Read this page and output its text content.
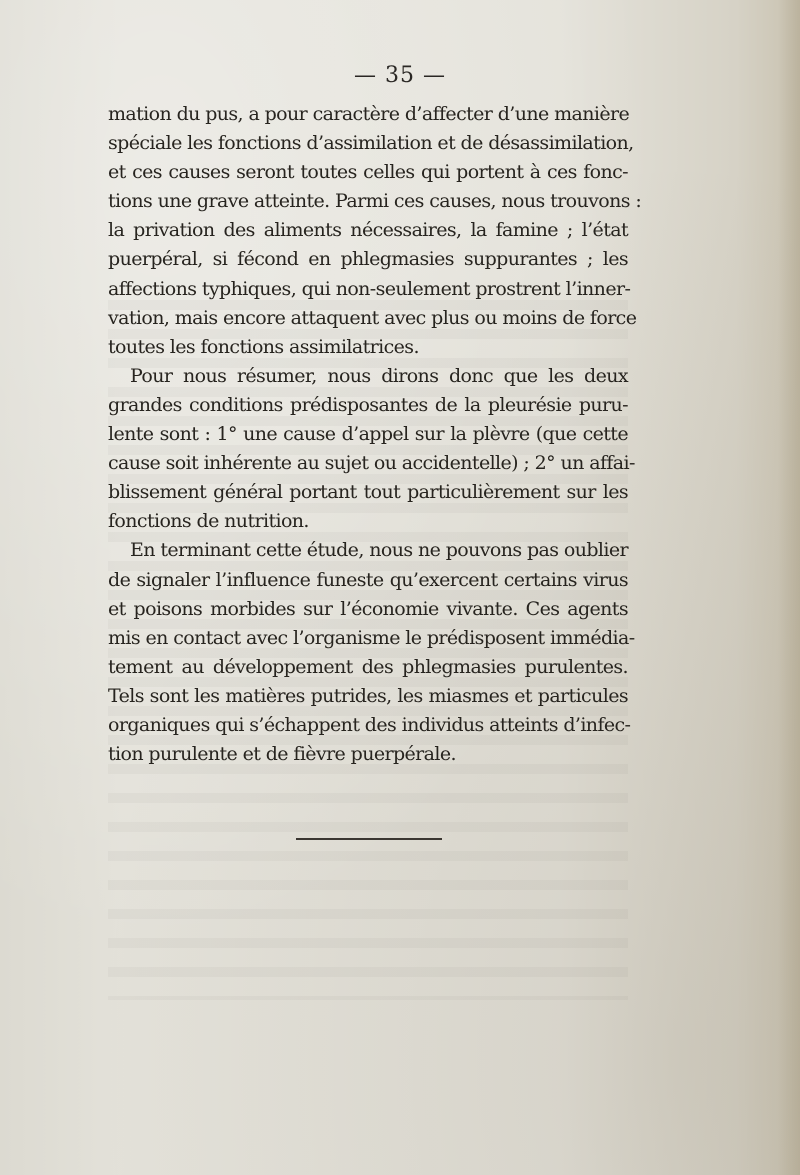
— 35 —
mation du pus, a pour caractère d’affecter d’une manière
spéciale les fonctions d’assimilation et de désassimilation,
et ces causes seront toutes celles qui portent à ces fonc-
tions une grave atteinte. Parmi ces causes, nous trouvons :
la privation des aliments nécessaires, la famine ; l’état
puerpéral, si fécond en phlegmasies suppurantes ; les
affections typhiques, qui non-seulement prostrent l’inner-
vation, mais encore attaquent avec plus ou moins de force
toutes les fonctions assimilatrices.
Pour nous résumer, nous dirons donc que les deux
grandes conditions prédisposantes de la pleurésie puru-
lente sont : 1° une cause d’appel sur la plèvre (que cette
cause soit inhérente au sujet ou accidentelle) ; 2° un affai-
blissement général portant tout particulièrement sur les
fonctions de nutrition.
En terminant cette étude, nous ne pouvons pas oublier
de signaler l’influence funeste qu’exercent certains virus
et poisons morbides sur l’économie vivante. Ces agents
mis en contact avec l’organisme le prédisposent immédia-
tement au développement des phlegmasies purulentes.
Tels sont les matières putrides, les miasmes et particules
organiques qui s’échappent des individus atteints d’infec-
tion purulente et de fièvre puerpérale.
